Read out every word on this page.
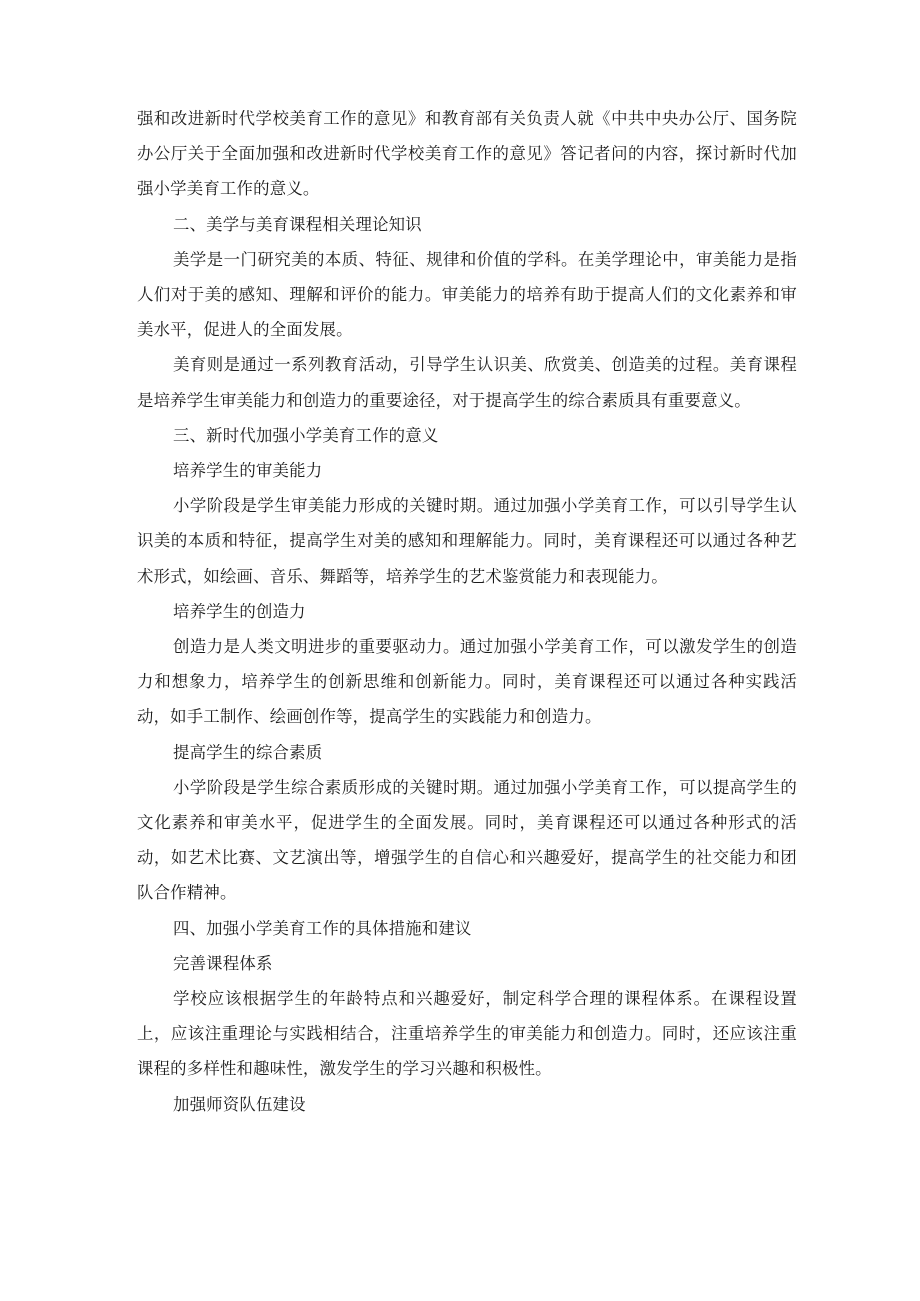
强和改进新时代学校美育工作的意见》和教育部有关负责人就《中共中央办公厅、国务院办公厅关于全面加强和改进新时代学校美育工作的意见》答记者问的内容，探讨新时代加强小学美育工作的意义。

二、美学与美育课程相关理论知识

美学是一门研究美的本质、特征、规律和价值的学科。在美学理论中，审美能力是指人们对于美的感知、理解和评价的能力。审美能力的培养有助于提高人们的文化素养和审美水平，促进人的全面发展。

美育则是通过一系列教育活动，引导学生认识美、欣赏美、创造美的过程。美育课程是培养学生审美能力和创造力的重要途径，对于提高学生的综合素质具有重要意义。

三、新时代加强小学美育工作的意义

培养学生的审美能力

小学阶段是学生审美能力形成的关键时期。通过加强小学美育工作，可以引导学生认识美的本质和特征，提高学生对美的感知和理解能力。同时，美育课程还可以通过各种艺术形式，如绘画、音乐、舞蹈等，培养学生的艺术鉴赏能力和表现能力。

培养学生的创造力

创造力是人类文明进步的重要驱动力。通过加强小学美育工作，可以激发学生的创造力和想象力，培养学生的创新思维和创新能力。同时，美育课程还可以通过各种实践活动，如手工制作、绘画创作等，提高学生的实践能力和创造力。

提高学生的综合素质

小学阶段是学生综合素质形成的关键时期。通过加强小学美育工作，可以提高学生的文化素养和审美水平，促进学生的全面发展。同时，美育课程还可以通过各种形式的活动，如艺术比赛、文艺演出等，增强学生的自信心和兴趣爱好，提高学生的社交能力和团队合作精神。

四、加强小学美育工作的具体措施和建议

完善课程体系

学校应该根据学生的年龄特点和兴趣爱好，制定科学合理的课程体系。在课程设置上，应该注重理论与实践相结合，注重培养学生的审美能力和创造力。同时，还应该注重课程的多样性和趣味性，激发学生的学习兴趣和积极性。

加强师资队伍建设
